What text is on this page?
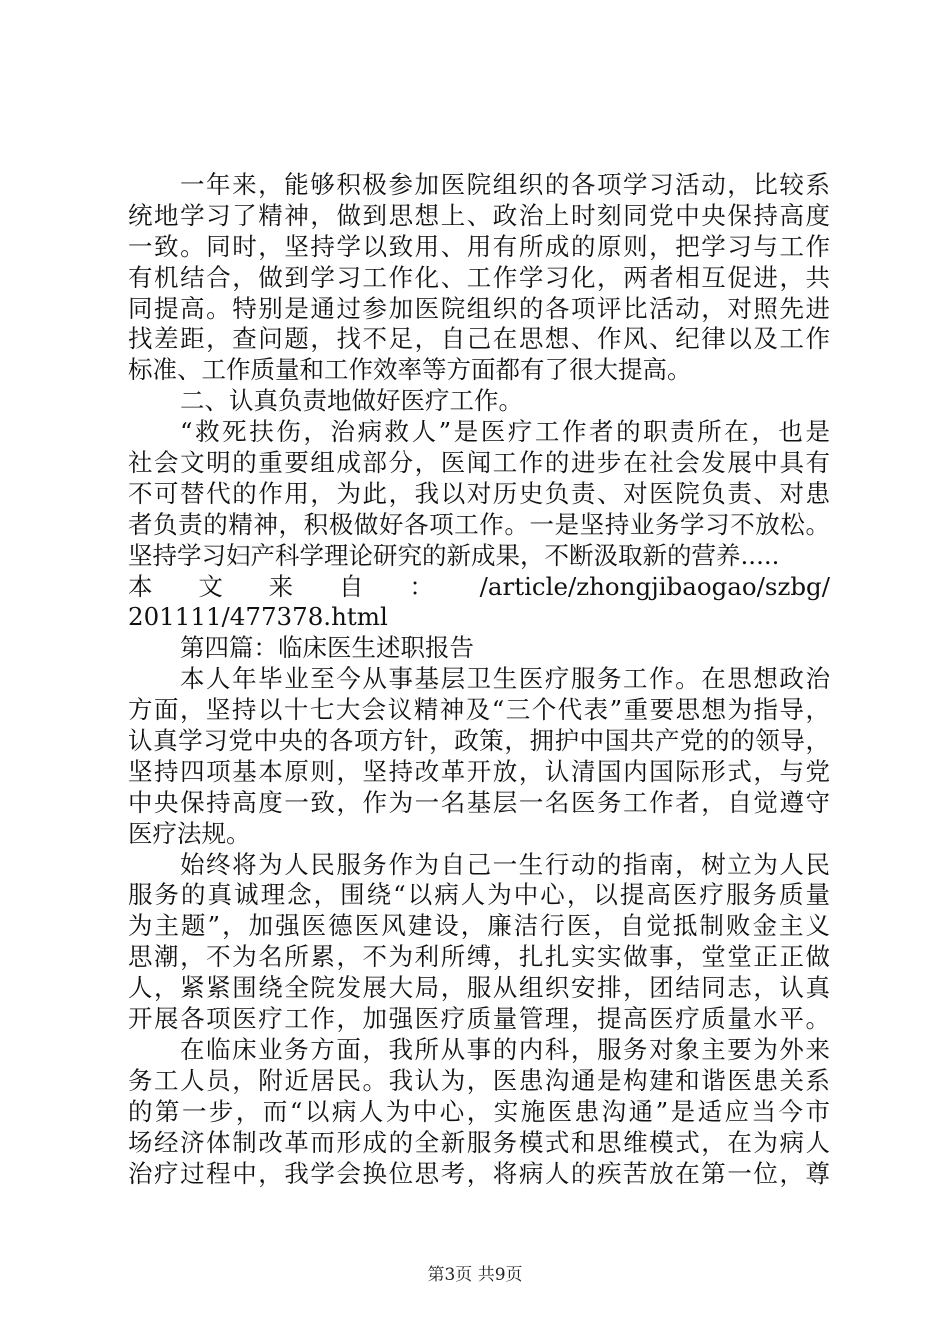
一年来，能够积极参加医院组织的各项学习活动，比较系
统地学习了精神，做到思想上、政治上时刻同党中央保持高度
一致。同时，坚持学以致用、用有所成的原则，把学习与工作
有机结合，做到学习工作化、工作学习化，两者相互促进，共
同提高。特别是通过参加医院组织的各项评比活动，对照先进
找差距，查问题，找不足，自己在思想、作风、纪律以及工作
标准、工作质量和工作效率等方面都有了很大提高。
二、认真负责地做好医疗工作。
“救死扶伤，治病救人”是医疗工作者的职责所在，也是
社会文明的重要组成部分，医闻工作的进步在社会发展中具有
不可替代的作用，为此，我以对历史负责、对医院负责、对患
者负责的精神，积极做好各项工作。一是坚持业务学习不放松。
坚持学习妇产科学理论研究的新成果，不断汲取新的营养.....
本 文 来 自 ： /article/zhongjibaogao/szbg/
201111/477378.html
第四篇：临床医生述职报告
本人年毕业至今从事基层卫生医疗服务工作。在思想政治
方面，坚持以十七大会议精神及“三个代表”重要思想为指导，
认真学习党中央的各项方针，政策，拥护中国共产党的的领导，
坚持四项基本原则，坚持改革开放，认清国内国际形式，与党
中央保持高度一致，作为一名基层一名医务工作者，自觉遵守
医疗法规。
始终将为人民服务作为自己一生行动的指南，树立为人民
服务的真诚理念，围绕“以病人为中心，以提高医疗服务质量
为主题”，加强医德医风建设，廉洁行医，自觉抵制败金主义
思潮，不为名所累，不为利所缚，扎扎实实做事，堂堂正正做
人，紧紧围绕全院发展大局，服从组织安排，团结同志，认真
开展各项医疗工作，加强医疗质量管理，提高医疗质量水平。
在临床业务方面，我所从事的内科，服务对象主要为外来
务工人员，附近居民。我认为，医患沟通是构建和谐医患关系
的第一步，而“以病人为中心，实施医患沟通”是适应当今市
场经济体制改革而形成的全新服务模式和思维模式，在为病人
治疗过程中，我学会换位思考，将病人的疾苦放在第一位，尊
第3页 共9页
